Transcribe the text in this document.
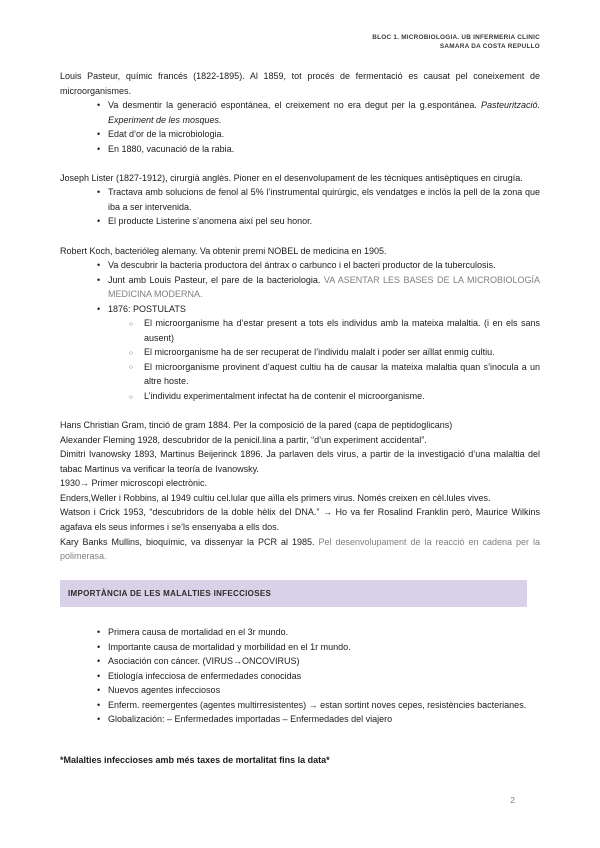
BLOC 1. MICROBIOLOGIA. UB INFERMERIA CLINIC
SAMARA DA COSTA REPULLO

Louis Pasteur, químic francés (1822-1895). Al 1859, tot procés de fermentació es causat pel coneixement de microorganismes.

• Va desmentir la generació espontánea, el creixement no era degut per la g.espontánea. Pasteurització. Experiment de les mosques.
• Edat d’or de la microbiologia.
• En 1880, vacunació de la rabia.

Joseph Lister (1827-1912), cirurgià anglès. Pioner en el desenvolupament de les tècniques antisèptiques en cirugía.

• Tractava amb solucions de fenol al 5% l’instrumental quirúrgic, els vendatges e inclós la pell de la zona que iba a ser intervenida.
• El producte Listerine s’anomena així pel seu honor.

Robert Koch, bacterióleg alemany. Va obtenir premi NOBEL de medicina en 1905.

• Va descubrir la bacteria productora del ántrax o carbunco i el bacteri productor de la tuberculosis.
• Junt amb Louis Pasteur, el pare de la bacteriologia. VA ASENTAR LES BASES DE LA MICROBIOLOGÍA MEDICINA MODERNA.
• 1876: POSTULATS
○ El microorganisme ha d’estar present a tots els individus amb la mateixa malaltia. (i en els sans ausent)
○ El microorganisme ha de ser recuperat de l’individu malalt i poder ser aïllat enmig cultiu.
○ El microorganisme provinent d’aquest cultiu ha de causar la mateixa malaltia quan s’inocula a un altre hoste.
○ L’individu experimentalment infectat ha de contenir el microorganisme.

Hans Christian Gram, tinció de gram 1884. Per la composició de la pared (capa de peptidoglicans)

Alexander Fleming 1928, descubridor de la penicil.lina a partir, “d’un experiment accidental”.

Dimitri Ivanowsky 1893, Martinus Beijerinck 1896. Ja parlaven dels virus, a partir de la investigació d’una malaltia del tabac Martinus va verificar la teoría de Ivanowsky.

1930→ Primer microscopi electrònic.

Enders,Weller i Robbins, al 1949 cultiu cel.lular que aïlla els primers virus. Només creixen en cèl.lules vives.

Watson i Crick 1953, “descubridors de la doble hèlix del DNA.” → Ho va fer Rosalind Franklin però, Maurice Wilkins agafava els seus informes i se’ls ensenyaba a ells dos.

Kary Banks Mullins, bioquímic, va dissenyar la PCR al 1985. Pel desenvolupament de la reacció en cadena per la polimerasa.

IMPORTÀNCIA DE LES MALALTIES INFECCIOSES
• Primera causa de mortalidad en el 3r mundo.
• Importante causa de mortalidad y morbilidad en el 1r mundo.
• Asociación con cáncer. (VIRUS→ONCOVIRUS)
• Etiología infecciosa de enfermedades conocidas
• Nuevos agentes infecciosos
• Enferm. reemergentes (agentes multirresistentes) → estan sortint noves cepes, resistències bacterianes.
• Globalización: – Enfermedades importadas – Enfermedades del viajero

*Malalties infeccioses amb més taxes de mortalitat fins la data*

2
